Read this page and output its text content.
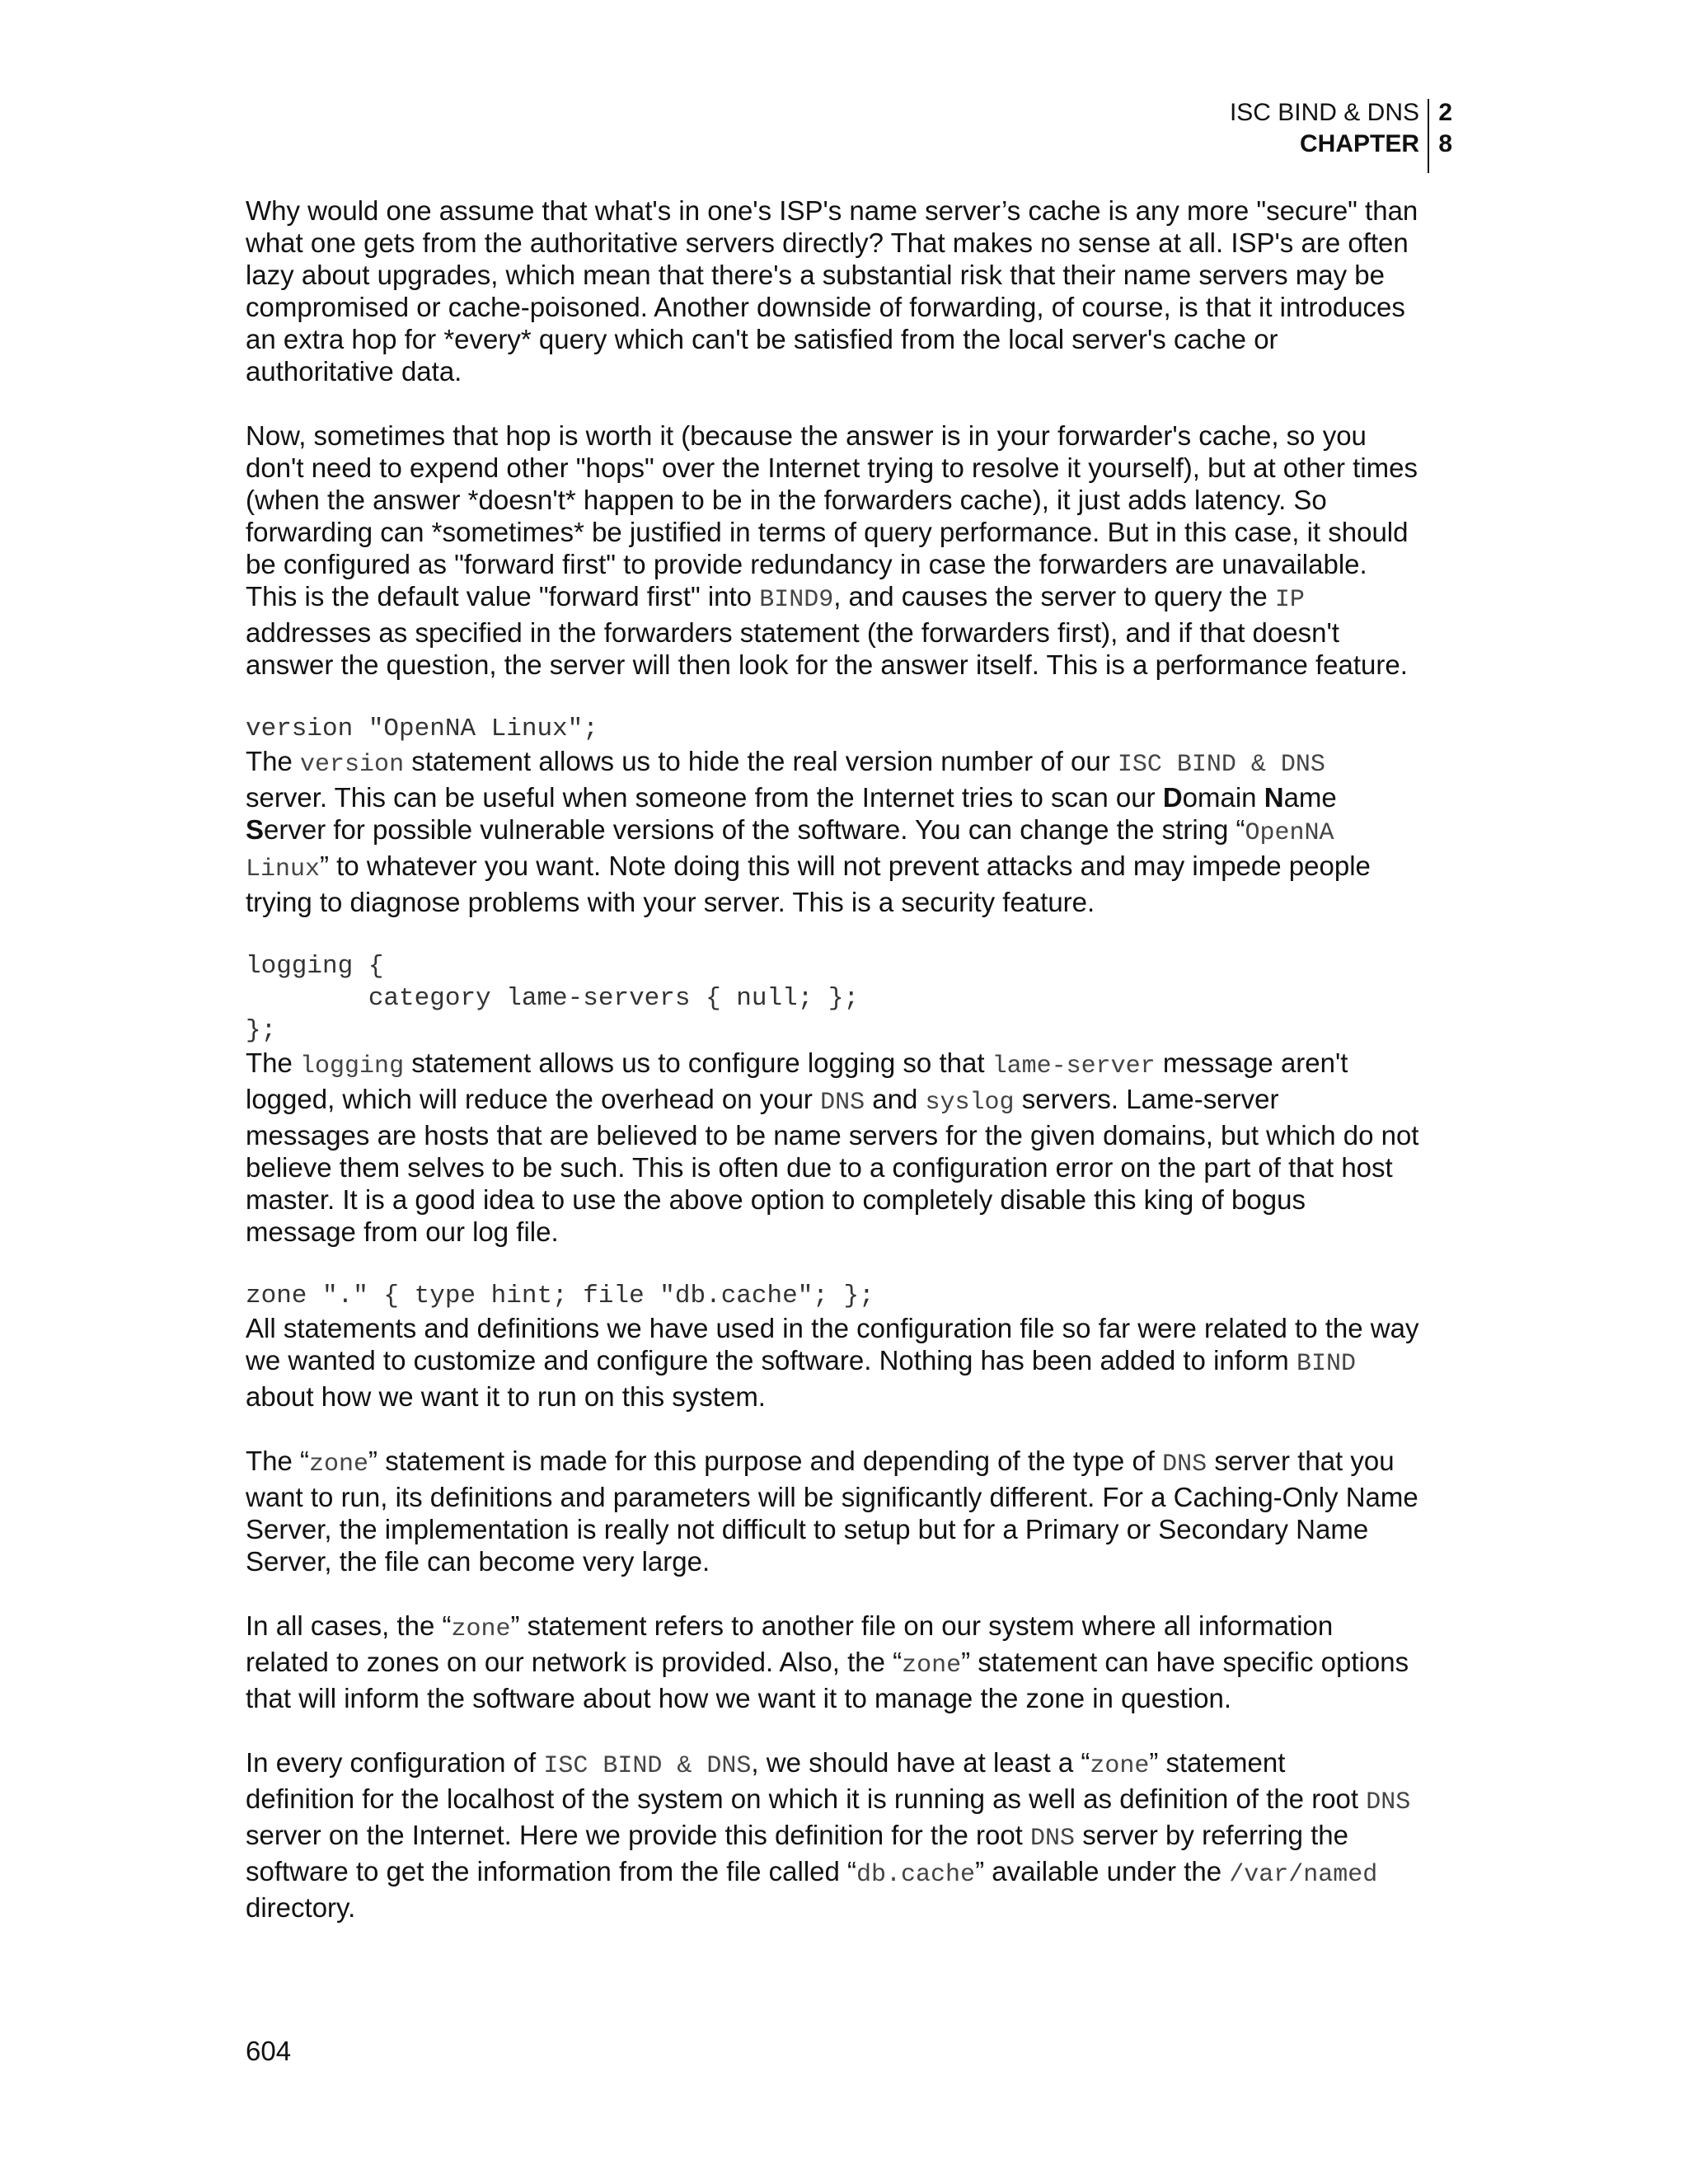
ISC BIND & DNS
CHAPTER
2
8

Why would one assume that what's in one's ISP's name server’s cache is any more "secure" than
what one gets from the authoritative servers directly? That makes no sense at all. ISP's are often
lazy about upgrades, which mean that there's a substantial risk that their name servers may be
compromised or cache-poisoned. Another downside of forwarding, of course, is that it introduces
an extra hop for *every* query which can't be satisfied from the local server's cache or
authoritative data.

Now, sometimes that hop is worth it (because the answer is in your forwarder's cache, so you
don't need to expend other "hops" over the Internet trying to resolve it yourself), but at other times
(when the answer *doesn't* happen to be in the forwarders cache), it just adds latency. So
forwarding can *sometimes* be justified in terms of query performance. But in this case, it should
be configured as "forward first" to provide redundancy in case the forwarders are unavailable.
This is the default value "forward first" into BIND9, and causes the server to query the IP
addresses as specified in the forwarders statement (the forwarders first), and if that doesn't
answer the question, the server will then look for the answer itself. This is a performance feature.

version "OpenNA Linux";

The version statement allows us to hide the real version number of our ISC BIND & DNS
server. This can be useful when someone from the Internet tries to scan our Domain Name
Server for possible vulnerable versions of the software. You can change the string “OpenNA
Linux” to whatever you want. Note doing this will not prevent attacks and may impede people
trying to diagnose problems with your server. This is a security feature.

logging {
category lame-servers { null; };
};

The logging statement allows us to configure logging so that lame-server message aren't
logged, which will reduce the overhead on your DNS and syslog servers. Lame-server
messages are hosts that are believed to be name servers for the given domains, but which do not
believe them selves to be such. This is often due to a configuration error on the part of that host
master. It is a good idea to use the above option to completely disable this king of bogus
message from our log file.

zone "." { type hint; file "db.cache"; };

All statements and definitions we have used in the configuration file so far were related to the way
we wanted to customize and configure the software. Nothing has been added to inform BIND
about how we want it to run on this system.

The “zone” statement is made for this purpose and depending of the type of DNS server that you
want to run, its definitions and parameters will be significantly different. For a Caching-Only Name
Server, the implementation is really not difficult to setup but for a Primary or Secondary Name
Server, the file can become very large.

In all cases, the “zone” statement refers to another file on our system where all information
related to zones on our network is provided. Also, the “zone” statement can have specific options
that will inform the software about how we want it to manage the zone in question.

In every configuration of ISC BIND & DNS, we should have at least a “zone” statement
definition for the localhost of the system on which it is running as well as definition of the root DNS
server on the Internet. Here we provide this definition for the root DNS server by referring the
software to get the information from the file called “db.cache” available under the /var/named
directory.

604
